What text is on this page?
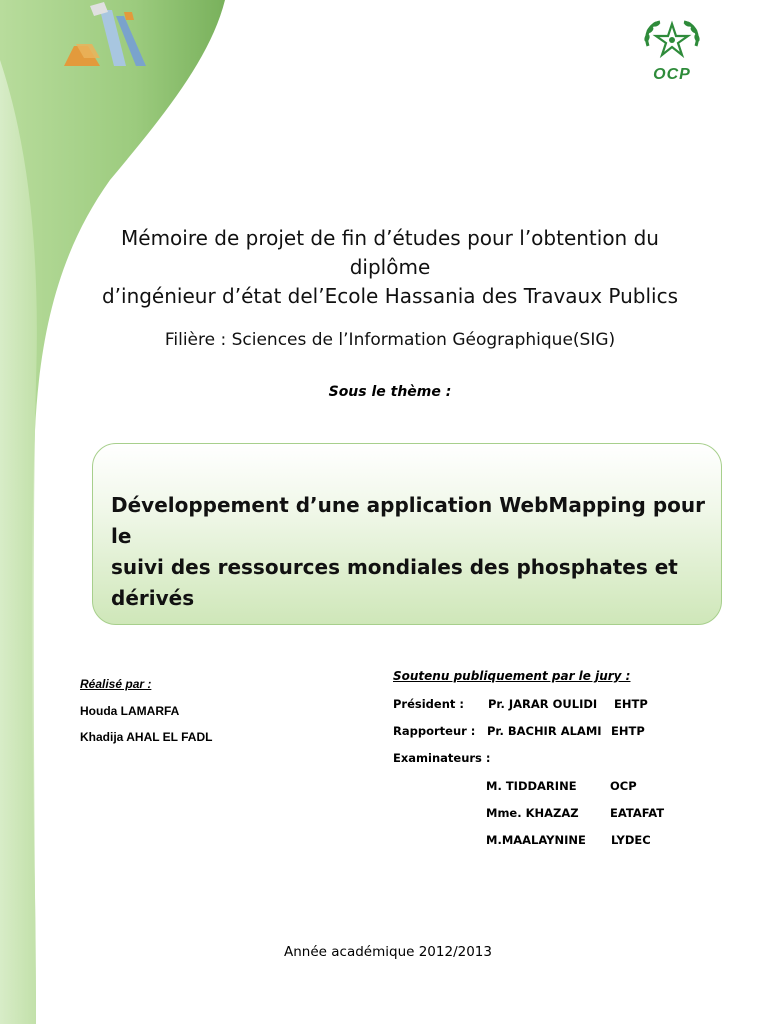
OCP
Mémoire de projet de fin d’études pour l’obtention du diplôme
d’ingénieur d’état del’Ecole Hassania des Travaux Publics
Filière : Sciences de l’Information Géographique(SIG)
Sous le thème :
Développement d’une application WebMapping pour le
suivi des ressources mondiales des phosphates et dérivés
Réalisé par :
Houda LAMARFA
Khadija AHAL EL FADL
Soutenu publiquement par le jury :
Président : Pr. JARAR OULIDI EHTP
Rapporteur : Pr. BACHIR ALAMI EHTP
Examinateurs :
M. TIDDARINE	OCP
Mme. KHAZAZ	EATAFAT
M.MAALAYNINE LYDEC
Année académique 2012/2013
